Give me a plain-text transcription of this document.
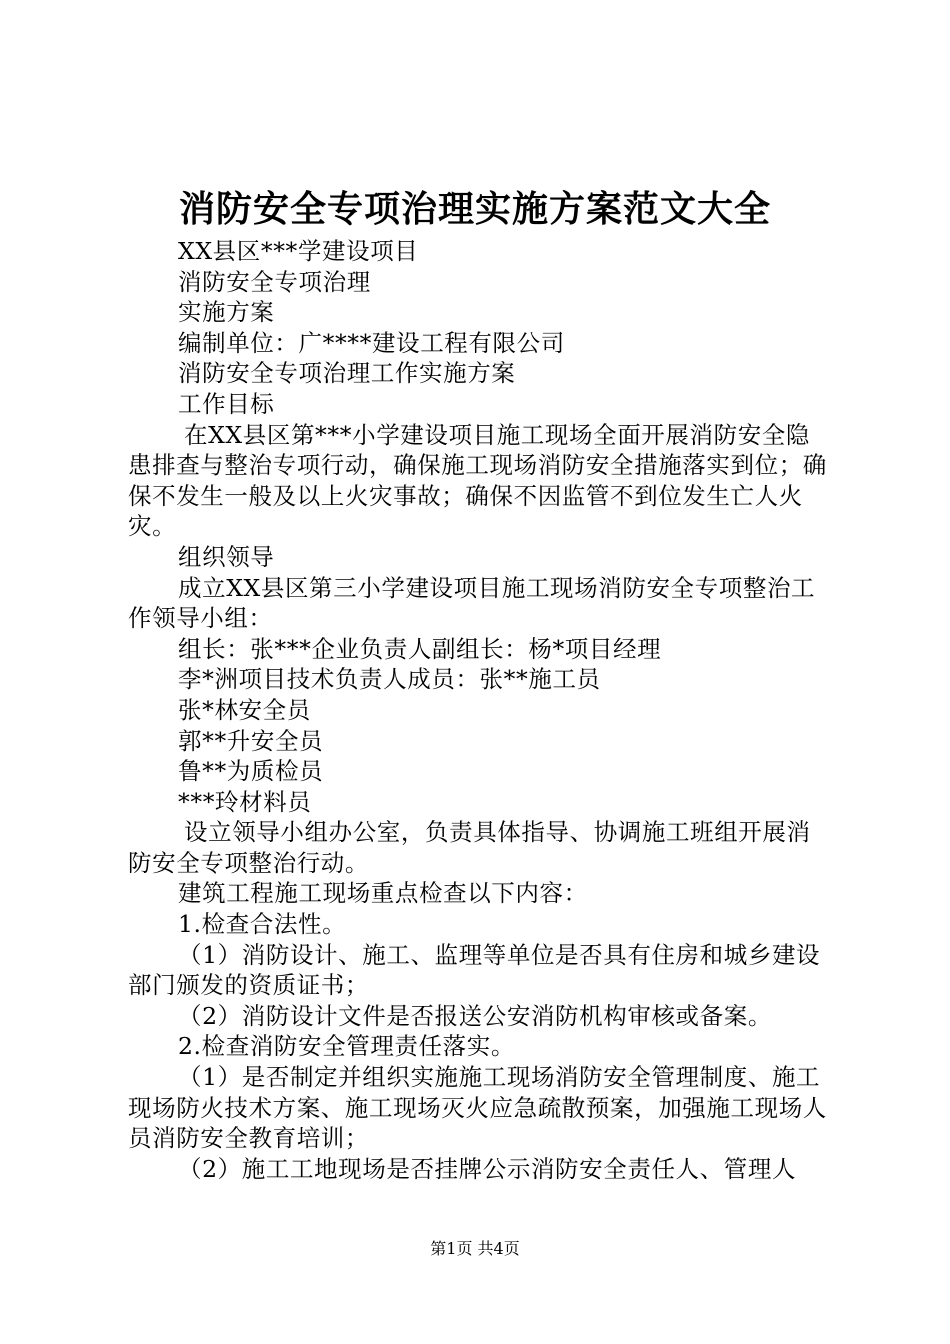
消防安全专项治理实施方案范文大全

XX县区***学建设项目

消防安全专项治理

实施方案

编制单位：广****建设工程有限公司

消防安全专项治理工作实施方案

工作目标

在XX县区第***小学建设项目施工现场全面开展消防安全隐患排查与整治专项行动，确保施工现场消防安全措施落实到位；确保不发生一般及以上火灾事故；确保不因监管不到位发生亡人火灾。

组织领导

成立XX县区第三小学建设项目施工现场消防安全专项整治工作领导小组：

组长：张***企业负责人副组长：杨*项目经理

李*洲项目技术负责人成员：张**施工员

张*林安全员

郭**升安全员

鲁**为质检员

***玲材料员

设立领导小组办公室，负责具体指导、协调施工班组开展消防安全专项整治行动。

建筑工程施工现场重点检查以下内容：

1.检查合法性。

（1）消防设计、施工、监理等单位是否具有住房和城乡建设部门颁发的资质证书；

（2）消防设计文件是否报送公安消防机构审核或备案。

2.检查消防安全管理责任落实。

（1）是否制定并组织实施施工现场消防安全管理制度、施工现场防火技术方案、施工现场灭火应急疏散预案，加强施工现场人员消防安全教育培训；

（2）施工工地现场是否挂牌公示消防安全责任人、管理人

第1页 共4页
